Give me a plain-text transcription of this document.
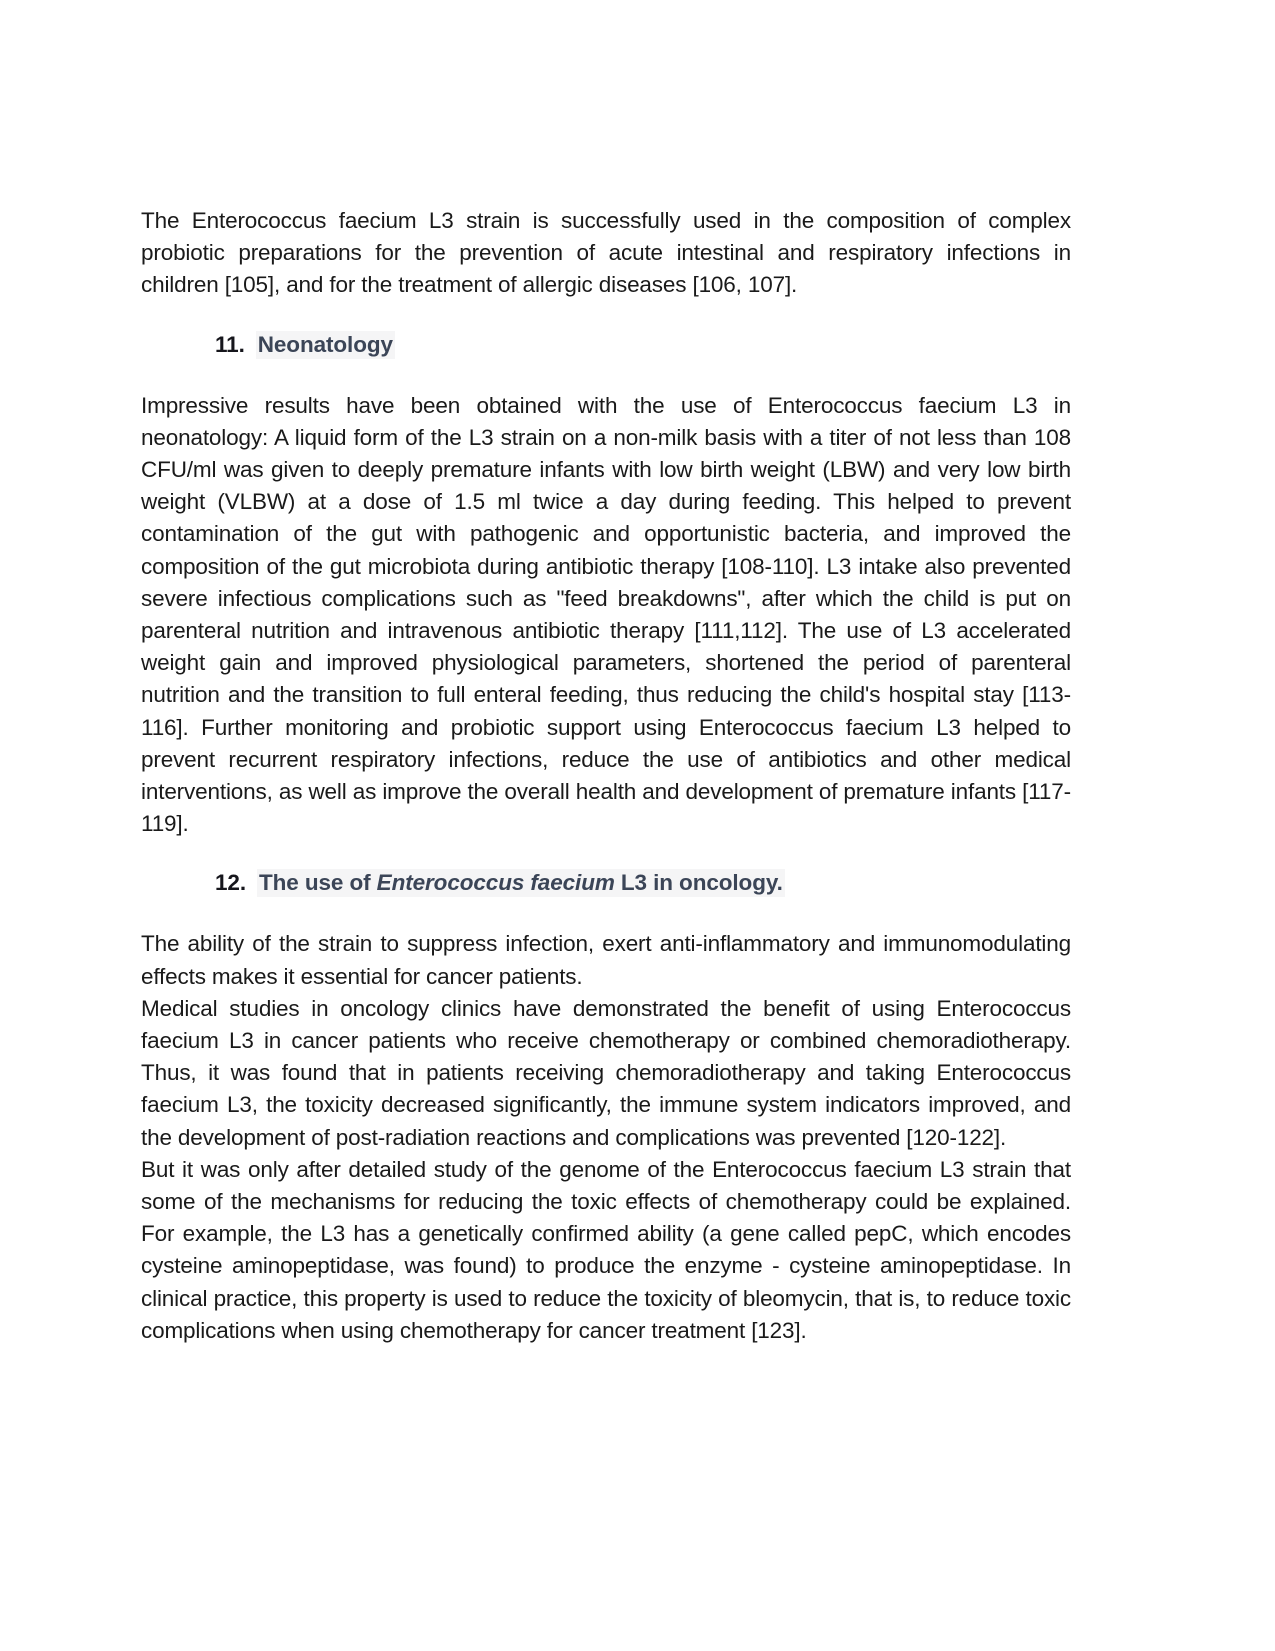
The Enterococcus faecium L3 strain is successfully used in the composition of complex probiotic preparations for the prevention of acute intestinal and respiratory infections in children [105], and for the treatment of allergic diseases [106, 107].

11. Neonatology

Impressive results have been obtained with the use of Enterococcus faecium L3 in neonatology: A liquid form of the L3 strain on a non-milk basis with a titer of not less than 108 CFU/ml was given to deeply premature infants with low birth weight (LBW) and very low birth weight (VLBW) at a dose of 1.5 ml twice a day during feeding. This helped to prevent contamination of the gut with pathogenic and opportunistic bacteria, and improved the composition of the gut microbiota during antibiotic therapy [108-110]. L3 intake also prevented severe infectious complications such as "feed breakdowns", after which the child is put on parenteral nutrition and intravenous antibiotic therapy [111,112]. The use of L3 accelerated weight gain and improved physiological parameters, shortened the period of parenteral nutrition and the transition to full enteral feeding, thus reducing the child's hospital stay [113-116]. Further monitoring and probiotic support using Enterococcus faecium L3 helped to prevent recurrent respiratory infections, reduce the use of antibiotics and other medical interventions, as well as improve the overall health and development of premature infants [117-119].

12. The use of Enterococcus faecium L3 in oncology.

The ability of the strain to suppress infection, exert anti-inflammatory and immunomodulating effects makes it essential for cancer patients.

Medical studies in oncology clinics have demonstrated the benefit of using Enterococcus faecium L3 in cancer patients who receive chemotherapy or combined chemoradiotherapy. Thus, it was found that in patients receiving chemoradiotherapy and taking Enterococcus faecium L3, the toxicity decreased significantly, the immune system indicators improved, and the development of post-radiation reactions and complications was prevented [120-122].

But it was only after detailed study of the genome of the Enterococcus faecium L3 strain that some of the mechanisms for reducing the toxic effects of chemotherapy could be explained. For example, the L3 has a genetically confirmed ability (a gene called pepC, which encodes cysteine aminopeptidase, was found) to produce the enzyme - cysteine aminopeptidase. In clinical practice, this property is used to reduce the toxicity of bleomycin, that is, to reduce toxic complications when using chemotherapy for cancer treatment [123].
